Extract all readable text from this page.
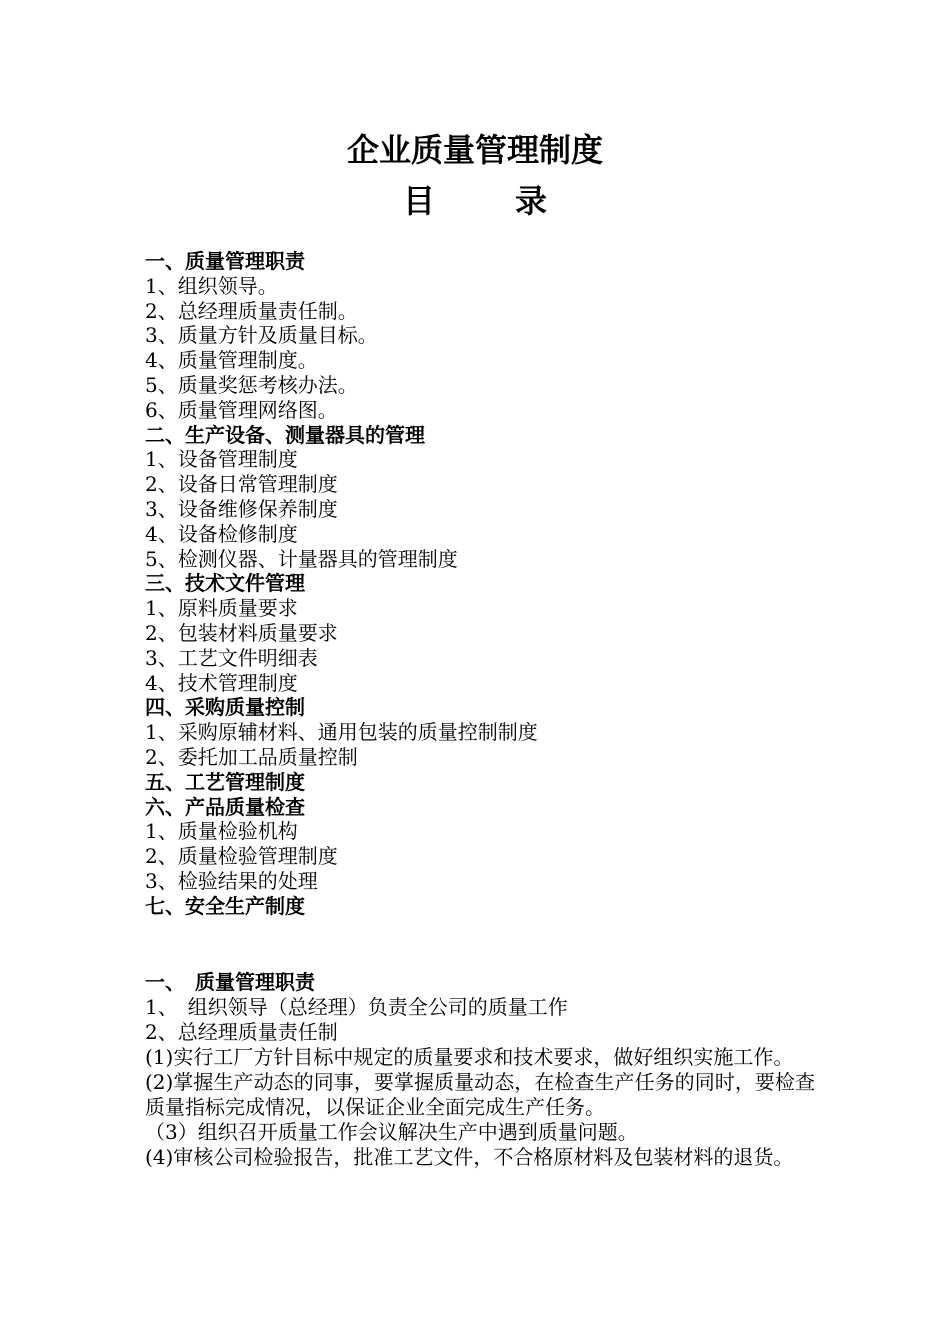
企业质量管理制度
目　录
一、质量管理职责
1、组织领导。
2、总经理质量责任制。
3、质量方针及质量目标。
4、质量管理制度。
5、质量奖惩考核办法。
6、质量管理网络图。
二、生产设备、测量器具的管理
1、设备管理制度
2、设备日常管理制度
3、设备维修保养制度
4、设备检修制度
5、检测仪器、计量器具的管理制度
三、技术文件管理
1、原料质量要求
2、包装材料质量要求
3、工艺文件明细表
4、技术管理制度
四、采购质量控制
1、采购原辅材料、通用包装的质量控制制度
2、委托加工品质量控制
五、工艺管理制度
六、产品质量检查
1、质量检验机构
2、质量检验管理制度
3、检验结果的处理
七、安全生产制度
一、　质量管理职责
1、　组织领导（总经理）负责全公司的质量工作
2、总经理质量责任制
(1)实行工厂方针目标中规定的质量要求和技术要求，做好组织实施工作。
(2)掌握生产动态的同事，要掌握质量动态，在检查生产任务的同时，要检查质量指标完成情况，以保证企业全面完成生产任务。
（3）组织召开质量工作会议解决生产中遇到质量问题。
(4)审核公司检验报告，批准工艺文件，不合格原材料及包装材料的退货。
